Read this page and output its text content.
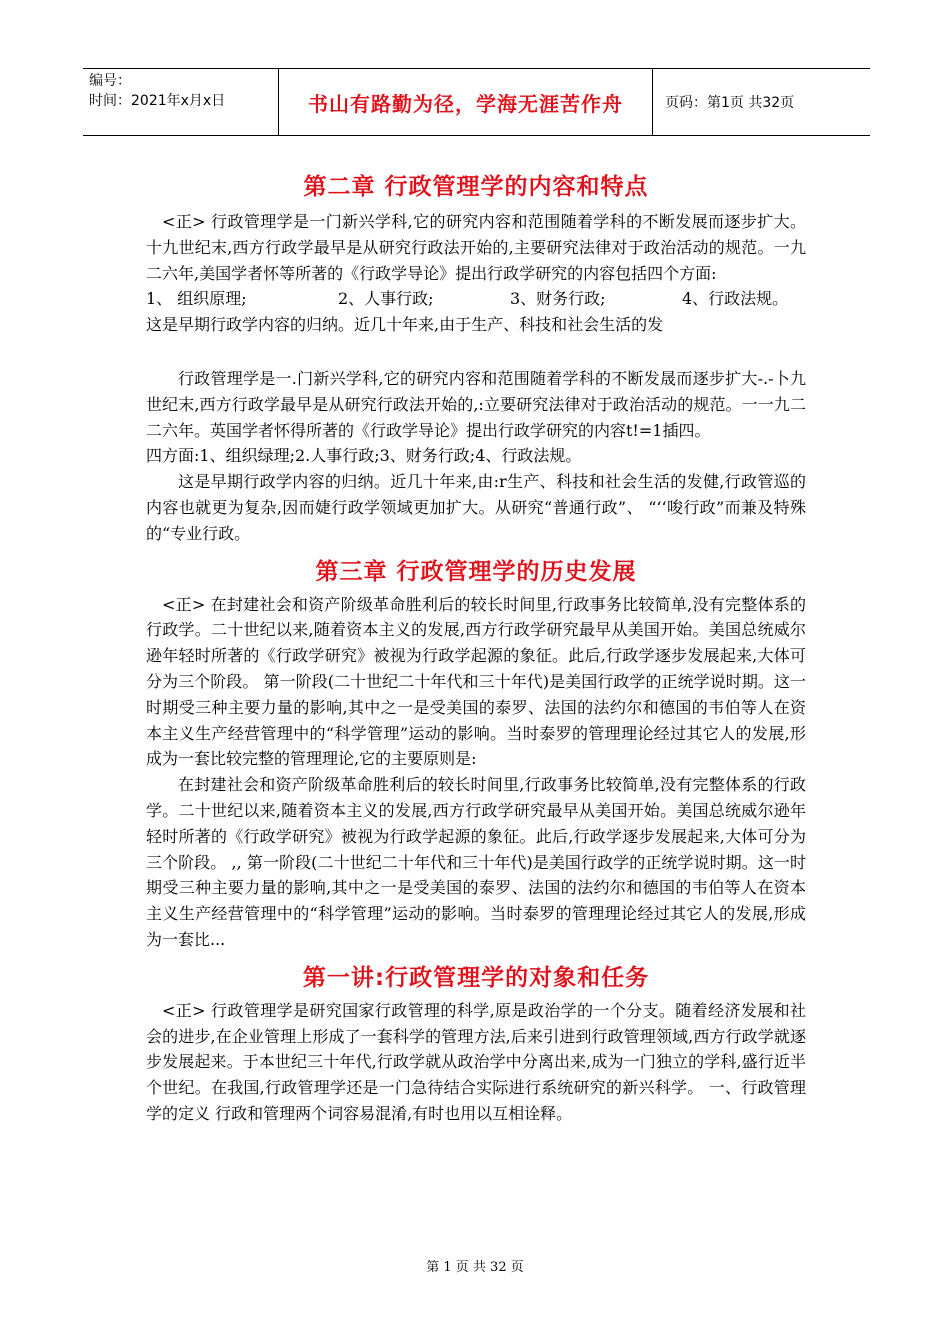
编号：
时间：2021年x月x日	书山有路勤为径，学海无涯苦作舟	页码：第1页 共32页
第二章 行政管理学的内容和特点

<正> 行政管理学是一门新兴学科,它的研究内容和范围随着学科的不断发展而逐步扩大。十九世纪末,西方行政学最早是从研究行政法开始的,主要研究法律对于政治活动的规范。一九二六年,美国学者怀等所著的《行政学导论》提出行政学研究的内容包括四个方面:

1、 组织原理;	2、人事行政;	3、财务行政;	4、行政法规。

这是早期行政学内容的归纳。近几十年来,由于生产、科技和社会生活的发

行政管理学是一.门新兴学科,它的研究内容和范围随着学科的不断发晟而逐步扩大-.-卜九世纪末,西方行政学最早是从研究行政法开始的,:立要研究法律对于政治活动的规范。一一九二二六年。英国学者怀得所著的《行政学导论》提出行政学研究的内容t!=1插四。

四方面:1、组织绿理;2.人事行政;3、财务行政;4、行政法规。

这是早期行政学内容的归纳。近几十年来,由:r生产、科技和社会生活的发健,行政管巡的内容也就更为复杂,因而婕行政学领域更加扩大。从研究“普通行政”、 “‘‘唆行政”而兼及特殊的“专业行政。

第三章 行政管理学的历史发展

<正> 在封建社会和资产阶级革命胜利后的较长时间里,行政事务比较简单,没有完整体系的行政学。二十世纪以来,随着资本主义的发展,西方行政学研究最早从美国开始。美国总统威尔逊年轻时所著的《行政学研究》被视为行政学起源的象征。此后,行政学逐步发展起来,大体可分为三个阶段。 第一阶段(二十世纪二十年代和三十年代)是美国行政学的正统学说时期。这一时期受三种主要力量的影响,其中之一是受美国的泰罗、法国的法约尔和德国的韦伯等人在资本主义生产经营管理中的“科学管理”运动的影响。当时泰罗的管理理论经过其它人的发展,形成为一套比较完整的管理理论,它的主要原则是:

在封建社会和资产阶级革命胜利后的较长时间里,行政事务比较简单,没有完整体系的行政学。二十世纪以来,随着资本主义的发展,西方行政学研究最早从美国开始。美国总统威尔逊年轻时所著的《行政学研究》被视为行政学起源的象征。此后,行政学逐步发展起来,大体可分为三个阶段。 ,, 第一阶段(二十世纪二十年代和三十年代)是美国行政学的正统学说时期。这一时期受三种主要力量的影响,其中之一是受美国的泰罗、法国的法约尔和德国的韦伯等人在资本主义生产经营管理中的“科学管理”运动的影响。当时泰罗的管理理论经过其它人的发展,形成为一套比...

第一讲:行政管理学的对象和任务

<正> 行政管理学是研究国家行政管理的科学,原是政治学的一个分支。随着经济发展和社会的进步,在企业管理上形成了一套科学的管理方法,后来引进到行政管理领域,西方行政学就逐步发展起来。于本世纪三十年代,行政学就从政治学中分离出来,成为一门独立的学科,盛行近半个世纪。在我国,行政管理学还是一门急待结合实际进行系统研究的新兴科学。 一、行政管理学的定义 行政和管理两个词容易混淆,有时也用以互相诠释。

第 1 页 共 32 页
